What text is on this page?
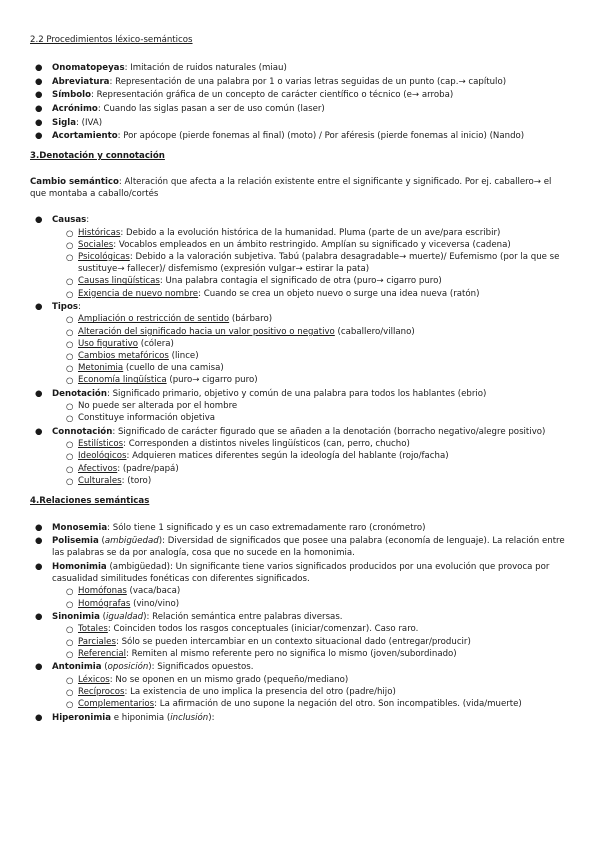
2.2 Procedimientos léxico-semánticos

● Onomatopeyas: Imitación de ruidos naturales (miau)
● Abreviatura: Representación de una palabra por 1 o varias letras seguidas de un punto (cap.→ capítulo)
● Símbolo: Representación gráfica de un concepto de carácter científico o técnico (e→ arroba)
● Acrónimo: Cuando las siglas pasan a ser de uso común (laser)
● Sigla: (IVA)
● Acortamiento: Por apócope (pierde fonemas al final) (moto) / Por aféresis (pierde fonemas al inicio) (Nando)

3.Denotación y connotación

Cambio semántico: Alteración que afecta a la relación existente entre el significante y significado. Por ej. caballero→ el que montaba a caballo/cortés

● Causas:
○ Históricas: Debido a la evolución histórica de la humanidad. Pluma (parte de un ave/para escribir)
○ Sociales: Vocablos empleados en un ámbito restringido. Amplían su significado y viceversa (cadena)
○ Psicológicas: Debido a la valoración subjetiva. Tabú (palabra desagradable→ muerte)/ Eufemismo (por la que se sustituye→ fallecer)/ disfemismo (expresión vulgar→ estirar la pata)
○ Causas lingüísticas: Una palabra contagia el significado de otra (puro→ cigarro puro)
○ Exigencia de nuevo nombre: Cuando se crea un objeto nuevo o surge una idea nueva (ratón)
● Tipos:
○ Ampliación o restricción de sentido (bárbaro)
○ Alteración del significado hacia un valor positivo o negativo (caballero/villano)
○ Uso figurativo (cólera)
○ Cambios metafóricos (lince)
○ Metonimia (cuello de una camisa)
○ Economía lingüística (puro→ cigarro puro)
● Denotación: Significado primario, objetivo y común de una palabra para todos los hablantes (ebrio)
○ No puede ser alterada por el hombre
○ Constituye información objetiva
● Connotación: Significado de carácter figurado que se añaden a la denotación (borracho negativo/alegre positivo)
○ Estilísticos: Corresponden a distintos niveles lingüísticos (can, perro, chucho)
○ Ideológicos: Adquieren matices diferentes según la ideología del hablante (rojo/facha)
○ Afectivos: (padre/papá)
○ Culturales: (toro)

4.Relaciones semánticas

● Monosemia: Sólo tiene 1 significado y es un caso extremadamente raro (cronómetro)
● Polisemia (ambigüedad): Diversidad de significados que posee una palabra (economía de lenguaje). La relación entre las palabras se da por analogía, cosa que no sucede en la homonimia.
● Homonimia (ambigüedad): Un significante tiene varios significados producidos por una evolución que provoca por casualidad similitudes fonéticas con diferentes significados.
○ Homófonas (vaca/baca)
○ Homógrafas (vino/vino)
● Sinonimia (igualdad): Relación semántica entre palabras diversas.
○ Totales: Coinciden todos los rasgos conceptuales (iniciar/comenzar). Caso raro.
○ Parciales: Sólo se pueden intercambiar en un contexto situacional dado (entregar/producir)
○ Referencial: Remiten al mismo referente pero no significa lo mismo (joven/subordinado)
● Antonimia (oposición): Significados opuestos.
○ Léxicos: No se oponen en un mismo grado (pequeño/mediano)
○ Recíprocos: La existencia de uno implica la presencia del otro (padre/hijo)
○ Complementarios: La afirmación de uno supone la negación del otro. Son incompatibles. (vida/muerte)
● Hiperonimia e hiponimia (inclusión):
